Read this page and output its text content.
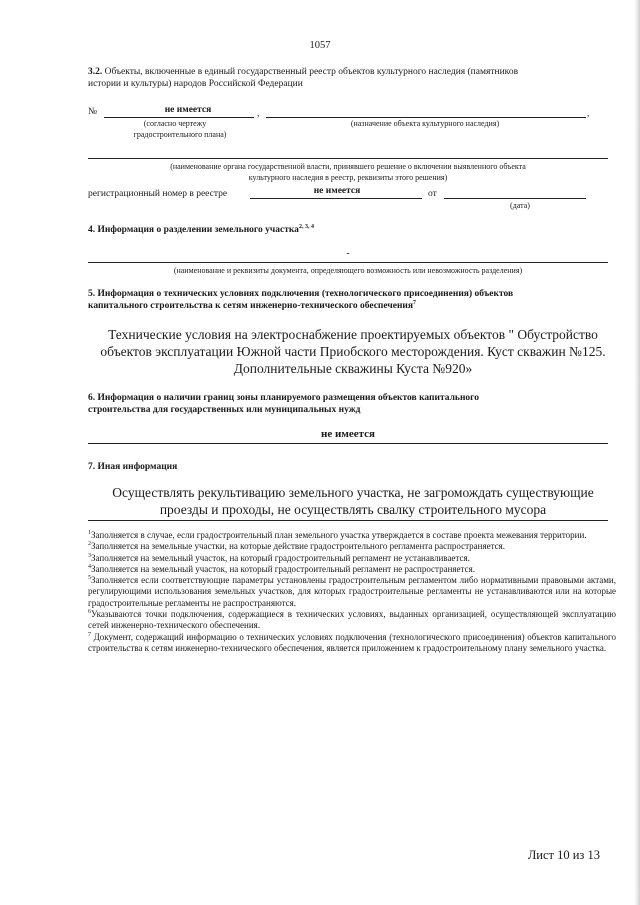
1057
3.2. Объекты, включенные в единый государственный реестр объектов культурного наследия (памятников
истории и культуры) народов Российской Федерации
№	не имеется	,	,
(согласно чертежу
градостроительного плана)
(назначение объекта культурного наследия)
(наименование органа государственной власти, принявшего решение о включении выявленного объекта
культурного наследия в реестр, реквизиты этого решения)
регистрационный номер в реестре	не имеется	от
(дата)
4. Информация о разделении земельного участка$^{2, 3, 4}$
-
(наименование и реквизиты документа, определяющего возможность или невозможность разделения)
5. Информация о технических условиях подключения (технологического присоединения) объектов
капитального строительства к сетям инженерно-технического обеспечения$^7$
Технические условия на электроснабжение проектируемых объектов " Обустройство
объектов эксплуатации Южной части Приобского месторождения. Куст скважин №125.
Дополнительные скважины Куста №920»
6. Информация о наличии границ зоны планируемого размещения объектов капитального
строительства для государственных или муниципальных нужд
не имеется
7. Иная информация
Осуществлять рекультивацию земельного участка, не загромождать существующие
проезды и проходы, не осуществлять свалку строительного мусора
$^1$Заполняется в случае, если градостроительный план земельного участка утверждается в составе проекта межевания территории.
$^2$Заполняется на земельные участки, на которые действие градостроительного регламента распространяется.
$^3$Заполняется на земельный участок, на который градостроительный регламент не устанавливается.
$^4$Заполняется на земельный участок, на который градостроительный регламент не распространяется.
$^5$Заполняется если соответствующие параметры установлены градостроительным регламентом либо нормативными правовыми актами, регулирующими использования земельных участков, для которых градостроительные регламенты не устанавливаются или на которые градостроительные регламенты не распространяются.
$^6$Указываются точки подключения, содержащиеся в технических условиях, выданных организацией, осуществляющей эксплуатацию сетей инженерно-технического обеспечения.
$^7$ Документ, содержащий информацию о технических условиях подключения (технологического присоединения) объектов капитального строительства к сетям инженерно-технического обеспечения, является приложением к градостроительному плану земельного участка.
Лист 10 из 13
